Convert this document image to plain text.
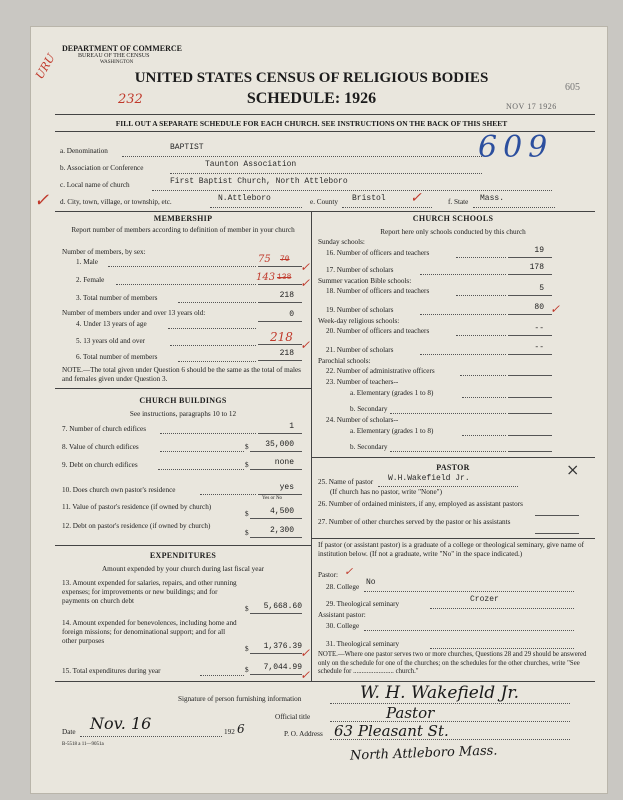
DEPARTMENT OF COMMERCE
BUREAU OF THE CENSUS
WASHINGTON
URU	UNITED STATES CENSUS OF RELIGIOUS BODIES
SCHEDULE: 1926
232
605
NOV 17 1926
FILL OUT A SEPARATE SCHEDULE FOR EACH CHURCH. SEE INSTRUCTIONS ON THE BACK OF THIS SHEET
a. Denomination	BAPTIST	609
b. Association or Conference	Taunton Association
c. Local name of church	First Baptist Church, North Attleboro
✓ d. City, town, village, or township, etc.	N.Attleboro	e. County Bristol	f. State Mass.
MEMBERSHIP
Report number of members according to definition of member in your church
Number of members, by sex:
1. Male	75 70
2. Female	143 138
3. Total number of members	218
Number of members under and over 13 years old:
4. Under 13 years of age
0
5. 13 years old and over	218
6. Total number of members	218
NOTE.—The total given under Question 6 should be the same as the total of males and females given under Question 3.
CHURCH BUILDINGS
See instructions, paragraphs 10 to 12
7. Number of church edifices	1
8. Value of church edifices	$	35,000
9. Debt on church edifices	$	none
10. Does church own pastor's residence	yes
Yes or No
11. Value of pastor's residence (if owned by church)
$	4,500
12. Debt on pastor's residence (if owned by church)
$	2,300
EXPENDITURES
Amount expended by your church during last fiscal year
13. Amount expended for salaries, repairs, and other running expenses; for improvements or new buildings; and for payments on church debt
$	5,668.60
14. Amount expended for benevolences, including home and foreign missions; for denominational support; and for all other purposes
$	1,376.39
15. Total expenditures during year	$	7,044.99
CHURCH SCHOOLS
Report here only schools conducted by this church
Sunday schools:
16. Number of officers and teachers	19
17. Number of scholars	178
Summer vacation Bible schools:
18. Number of officers and teachers	5
19. Number of scholars	80
Week-day religious schools:
20. Number of officers and teachers	--
21. Number of scholars	--
Parochial schools:
22. Number of administrative officers
23. Number of teachers--
a. Elementary (grades 1 to 8)
b. Secondary
24. Number of scholars--
a. Elementary (grades 1 to 8)
b. Secondary
PASTOR	×
25. Name of pastor W.H.Wakefield Jr.
(If church has no pastor, write "None")
26. Number of ordained ministers, if any, employed as assistant pastors
27. Number of other churches served by the pastor or his assistants
If pastor (or assistant pastor) is a graduate of a college or theological seminary, give name of institution below. (If not a graduate, write "No" in the space indicated.)
Pastor: ✓
28. College No
29. Theological seminary	Crozer
Assistant pastor:
30. College
31. Theological seminary
NOTE.—Where one pastor serves two or more churches, Questions 28 and 29 should be answered only on the schedule for one of the churches; on the schedules for the other churches, write "See schedule for ........................ church."
Signature of person furnishing information	W. H. Wakefield Jr.
Official title	Pastor
Date Nov. 16	192 6	P. O. Address 63 Pleasant St.
North Attleboro Mass.
B-5518 a 11—9051a
✓
✓
✓
✓
✓
✓
✓
